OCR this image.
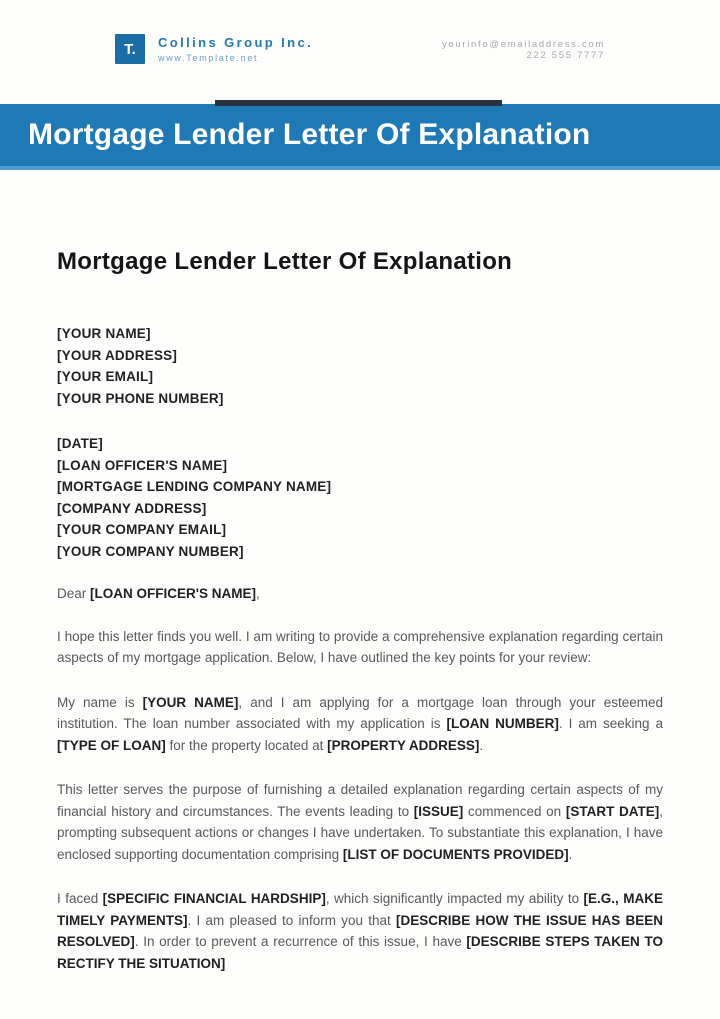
T. Collins Group Inc.
www.Template.net
yourinfo@emailaddress.com
222 555 7777
Mortgage Lender Letter Of Explanation
Mortgage Lender Letter Of Explanation
[YOUR NAME]
[YOUR ADDRESS]
[YOUR EMAIL]
[YOUR PHONE NUMBER]
[DATE]
[LOAN OFFICER'S NAME]
[MORTGAGE LENDING COMPANY NAME]
[COMPANY ADDRESS]
[YOUR COMPANY EMAIL]
[YOUR COMPANY NUMBER]

Dear [LOAN OFFICER'S NAME],

I hope this letter finds you well. I am writing to provide a comprehensive explanation regarding certain aspects of my mortgage application. Below, I have outlined the key points for your review:

My name is [YOUR NAME], and I am applying for a mortgage loan through your esteemed institution. The loan number associated with my application is [LOAN NUMBER]. I am seeking a [TYPE OF LOAN] for the property located at [PROPERTY ADDRESS].

This letter serves the purpose of furnishing a detailed explanation regarding certain aspects of my financial history and circumstances. The events leading to [ISSUE] commenced on [START DATE], prompting subsequent actions or changes I have undertaken. To substantiate this explanation, I have enclosed supporting documentation comprising [LIST OF DOCUMENTS PROVIDED].

I faced [SPECIFIC FINANCIAL HARDSHIP], which significantly impacted my ability to [E.G., MAKE TIMELY PAYMENTS]. I am pleased to inform you that [DESCRIBE HOW THE ISSUE HAS BEEN RESOLVED]. In order to prevent a recurrence of this issue, I have [DESCRIBE STEPS TAKEN TO RECTIFY THE SITUATION]
